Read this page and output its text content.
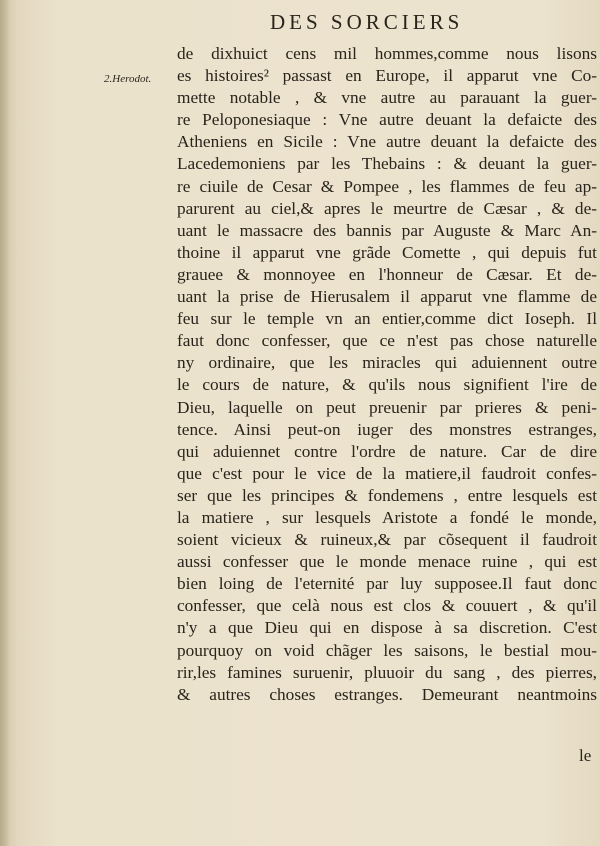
DES SORCIERS
2.Herodot.
de dixhuict cens mil hommes,comme nous lisons
es histoires² passast en Europe, il apparut vne Co-
mette notable , & vne autre au parauant la guer-
re Peloponesiaque : Vne autre deuant la defaicte des
Atheniens en Sicile : Vne autre deuant la defaicte des
Lacedemoniens par les Thebains : & deuant la guer-
re ciuile de Cesar & Pompee , les flammes de feu ap-
parurent au ciel,& apres le meurtre de Cæsar , & de-
uant le massacre des bannis par Auguste & Marc An-
thoine il apparut vne grãde Comette , qui depuis fut
grauee & monnoyee en l'honneur de Cæsar. Et de-
uant la prise de Hierusalem il apparut vne flamme de
feu sur le temple vn an entier,comme dict Ioseph. Il
faut donc confesser, que ce n'est pas chose naturelle
ny ordinaire, que les miracles qui aduiennent outre
le cours de nature, & qu'ils nous signifient l'ire de
Dieu, laquelle on peut preuenir par prieres & peni-
tence. Ainsi peut-on iuger des monstres estranges,
qui aduiennet contre l'ordre de nature. Car de dire
que c'est pour le vice de la matiere,il faudroit confes-
ser que les principes & fondemens , entre lesquels est
la matiere , sur lesquels Aristote a fondé le monde,
soient vicieux & ruineux,& par cõsequent il faudroit
aussi confesser que le monde menace ruine , qui est
bien loing de l'eternité par luy supposee.Il faut donc
confesser, que celà nous est clos & couuert , & qu'il
n'y a que Dieu qui en dispose à sa discretion. C'est
pourquoy on void chãger les saisons, le bestial mou-
rir,les famines suruenir, pluuoir du sang , des pierres,
& autres choses estranges. Demeurant neantmoins
le
